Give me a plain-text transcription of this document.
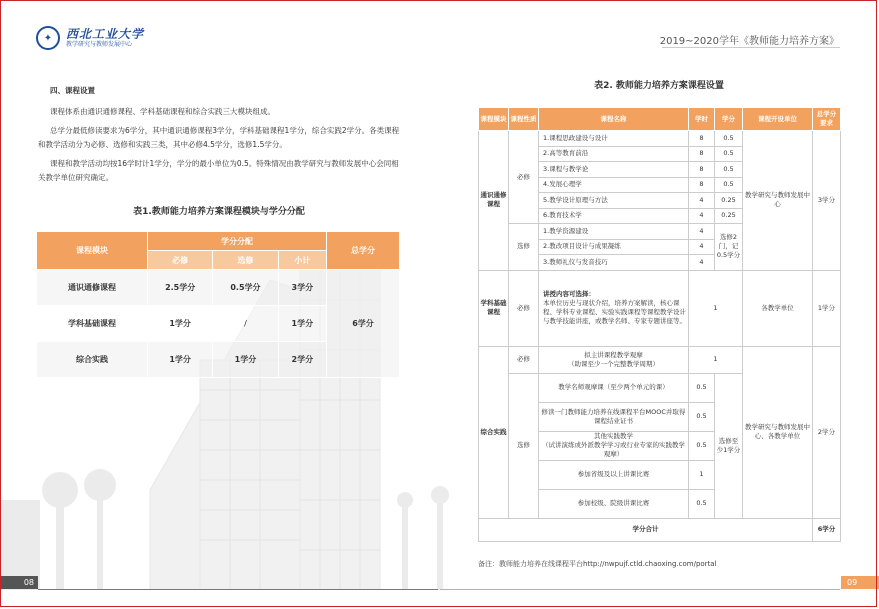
✦	西北工业大学
教学研究与教师发展中心	2019~2020学年《教师能力培养方案》
四、课程设置

课程体系由通识通修课程、学科基础课程和综合实践三大模块组成。

总学分最低修读要求为6学分，其中通识通修课程3学分，学科基础课程1学分，综合实践2学分。各类课程和教学活动分为必修、选修和实践三类，其中必修4.5学分，选修1.5学分。

课程和教学活动均按16学时计1学分，学分的最小单位为0.5。特殊情况由教学研究与教师发展中心会同相关教学单位研究确定。

表1.教师能力培养方案课程模块与学分分配
课程模块	学分分配			总学分
	必修	选修	小计	
通识通修课程	2.5学分	0.5学分	3学分	6学分
学科基础课程	1学分	/	1学分	
综合实践	1学分	1学分	2学分	
表2. 教师能力培养方案课程设置
课程模块	课程性质	课程名称	学时	学分	课程开设单位	总学分要求
通识通修课程	必修	1.课程思政建设与设计	8	0.5	教学研究与教师发展中心	3学分
		2.高等教育前沿	8	0.5		
		3.课程与教学论	8	0.5		
		4.发展心理学	8	0.5		
		5.教学设计原理与方法	4	0.25		
		6.教育技术学	4	0.25		
	选修	1.教学资源建设	4	选修2门，记0.5学分		
		2.教改项目设计与成果凝练	4			
		3.教师礼仪与发音技巧	4			
学科基础课程	必修	讲授内容可选择：
本单位历史与现状介绍，培养方案解读，核心课程、学科专业课程、实验实践课程等课程教学设计与教学技能讲座，或教学名师、专家专题讲座等。	1		各教学单位	1学分
综合实践	必修	拟主讲课程教学观摩
（助课至少一个完整教学周期）	1		教学研究与教师发展中心、各教学单位	2学分
	选修	教学名师观摩课（至少两个单元的课）	0.5	选修至少1学分		
		修读一门教师能力培养在线课程平台MOOC并取得课程结业证书	0.5			
		其他实践教学
（试讲演练或外派教学学习或行业专家的实践教学观摩）	0.5			
		参加省级及以上讲课比赛	1			
		参加校级、院级讲课比赛	0.5			
学分合计						6学分
备注：教师能力培养在线课程平台http://nwpujf.ctld.chaoxing.com/portal
08	09
